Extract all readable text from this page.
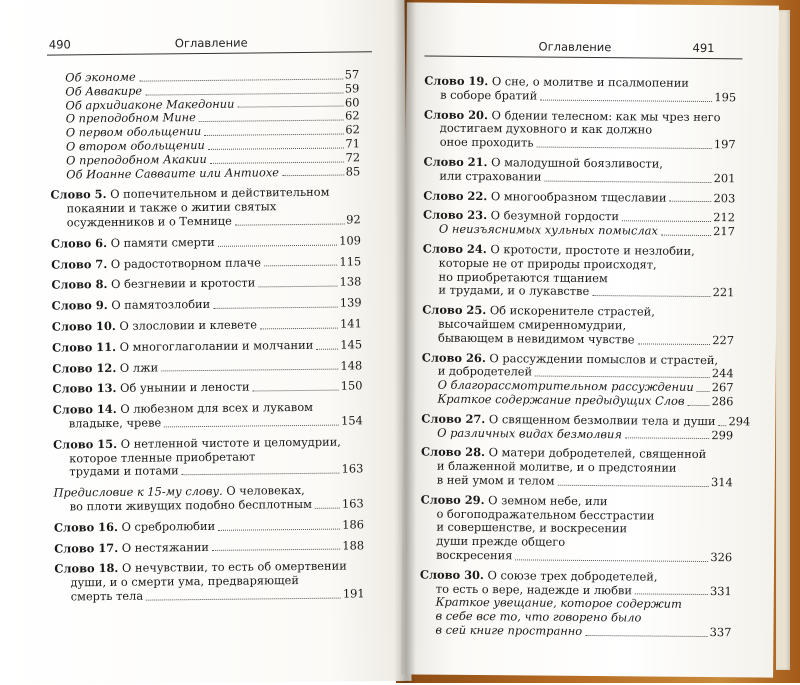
490	Оглавление
Об экономе	57
Об Аввакире	59
Об архидиаконе Македонии	60
О преподобном Мине	62
О первом обольщении	62
О втором обольщении	71
О преподобном Акакии	72
Об Иоанне Савваите или Антиохе	85
Слово 5. О попечительном и действительном
покаянии и также о житии святых
осужденников и о Темнице	92
Слово 6. О памяти смерти	109
Слово 7. О радостотворном плаче	115
Слово 8. О безгневии и кротости	138
Слово 9. О памятозлобии	139
Слово 10. О злословии и клевете	141
Слово 11. О многоглаголании и молчании 145
Слово 12. О лжи	148
Слово 13. Об унынии и лености	150
Слово 14. О любезном для всех и лукавом
владыке, чреве	154
Слово 15. О нетленной чистоте и целомудрии,
которое тленные приобретают
трудами и потами	163
Предисловие к 15-му слову. О человеках,
во плоти живущих подобно бесплотным	163
Слово 16. О сребролюбии	186
Слово 17. О нестяжании	188
Слово 18. О нечувствии, то есть об омертвении
души, и о смерти ума, предваряющей
смерть тела	191
Оглавление	491
Слово 19. О сне, о молитве и псалмопении
в соборе братий	195
Слово 20. О бдении телесном: как мы чрез него
достигаем духовного и как должно
оное проходить	197
Слово 21. О малодушной боязливости,
или страховании	201
Слово 22. О многообразном тщеславии	203
Слово 23. О безумной гордости	212
О неизъяснимых хульных помыслах	217
Слово 24. О кротости, простоте и незлобии,
которые не от природы происходят,
но приобретаются тщанием
и трудами, и о лукавстве	221
Слово 25. Об искоренителе страстей,
высочайшем смиренномудрии,
бывающем в невидимом чувстве	227
Слово 26. О рассуждении помыслов и страстей,
и добродетелей	244
О благорассмотрительном рассуждении 267
Краткое содержание предыдущих Слов 286
Слово 27. О священном безмолвии тела и души 294
О различных видах безмолвия	299
Слово 28. О матери добродетелей, священной
и блаженной молитве, и о предстоянии
в ней умом и телом	314
Слово 29. О земном небе, или
о богоподражательном бесстрастии
и совершенстве, и воскресении
души прежде общего
воскресения	326
Слово 30. О союзе трех добродетелей,
то есть о вере, надежде и любви	331
Краткое увещание, которое содержит
в себе все то, что говорено было
в сей книге пространно	337
